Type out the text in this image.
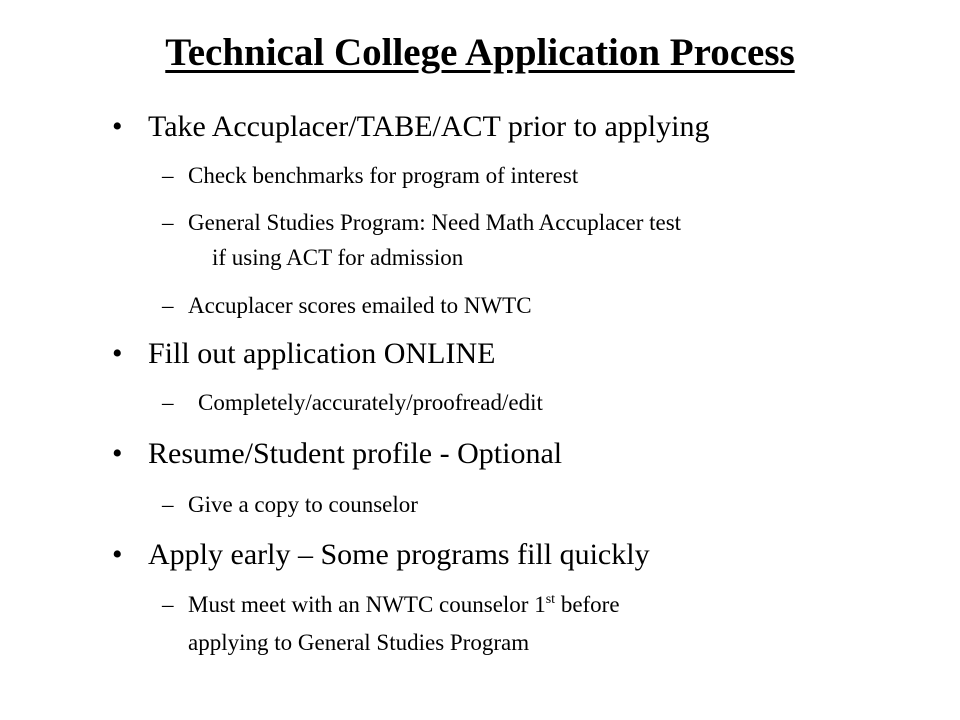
Technical College Application Process
• Take Accuplacer/TABE/ACT prior to applying
– Check benchmarks for program of interest
– General Studies Program: Need Math Accuplacer test
if using ACT for admission
– Accuplacer scores emailed to NWTC
• Fill out application ONLINE
– Completely/accurately/proofread/edit
• Resume/Student profile - Optional
– Give a copy to counselor
• Apply early – Some programs fill quickly
– Must meet with an NWTC counselor 1st before
applying to General Studies Program
